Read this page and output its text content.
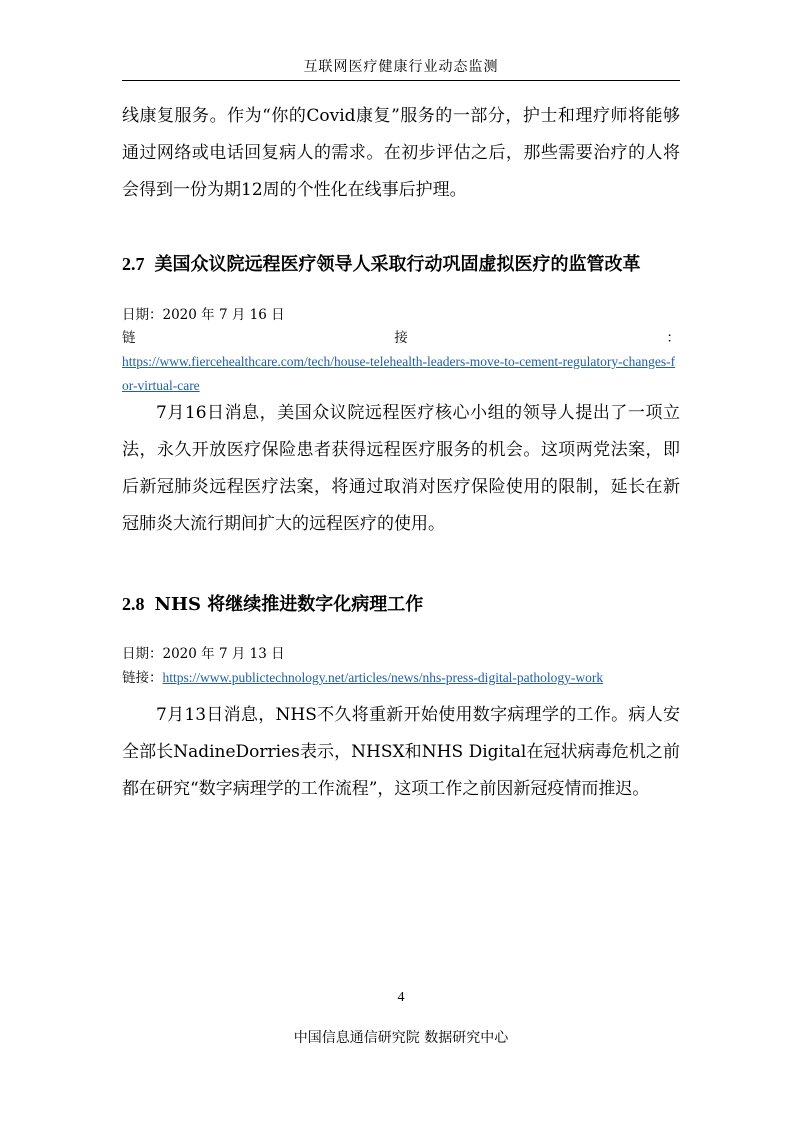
互联网医疗健康行业动态监测

线康复服务。作为“你的Covid康复”服务的一部分，护士和理疗师将能够通过网络或电话回复病人的需求。在初步评估之后，那些需要治疗的人将会得到一份为期12周的个性化在线事后护理。

2.7 美国众议院远程医疗领导人采取行动巩固虚拟医疗的监管改革
日期：2020 年 7 月 16 日
链	接	：
https://www.fiercehealthcare.com/tech/house-telehealth-leaders-move-to-cement-regulatory-changes-for-virtual-care

7月16日消息，美国众议院远程医疗核心小组的领导人提出了一项立法，永久开放医疗保险患者获得远程医疗服务的机会。这项两党法案，即后新冠肺炎远程医疗法案，将通过取消对医疗保险使用的限制，延长在新冠肺炎大流行期间扩大的远程医疗的使用。

2.8 NHS 将继续推进数字化病理工作
日期：2020 年 7 月 13 日
链接：https://www.publictechnology.net/articles/news/nhs-press-digital-pathology-work

7月13日消息，NHS不久将重新开始使用数字病理学的工作。病人安全部长NadineDorries表示，NHSX和NHS Digital在冠状病毒危机之前都在研究“数字病理学的工作流程”，这项工作之前因新冠疫情而推迟。

4
中国信息通信研究院 数据研究中心
